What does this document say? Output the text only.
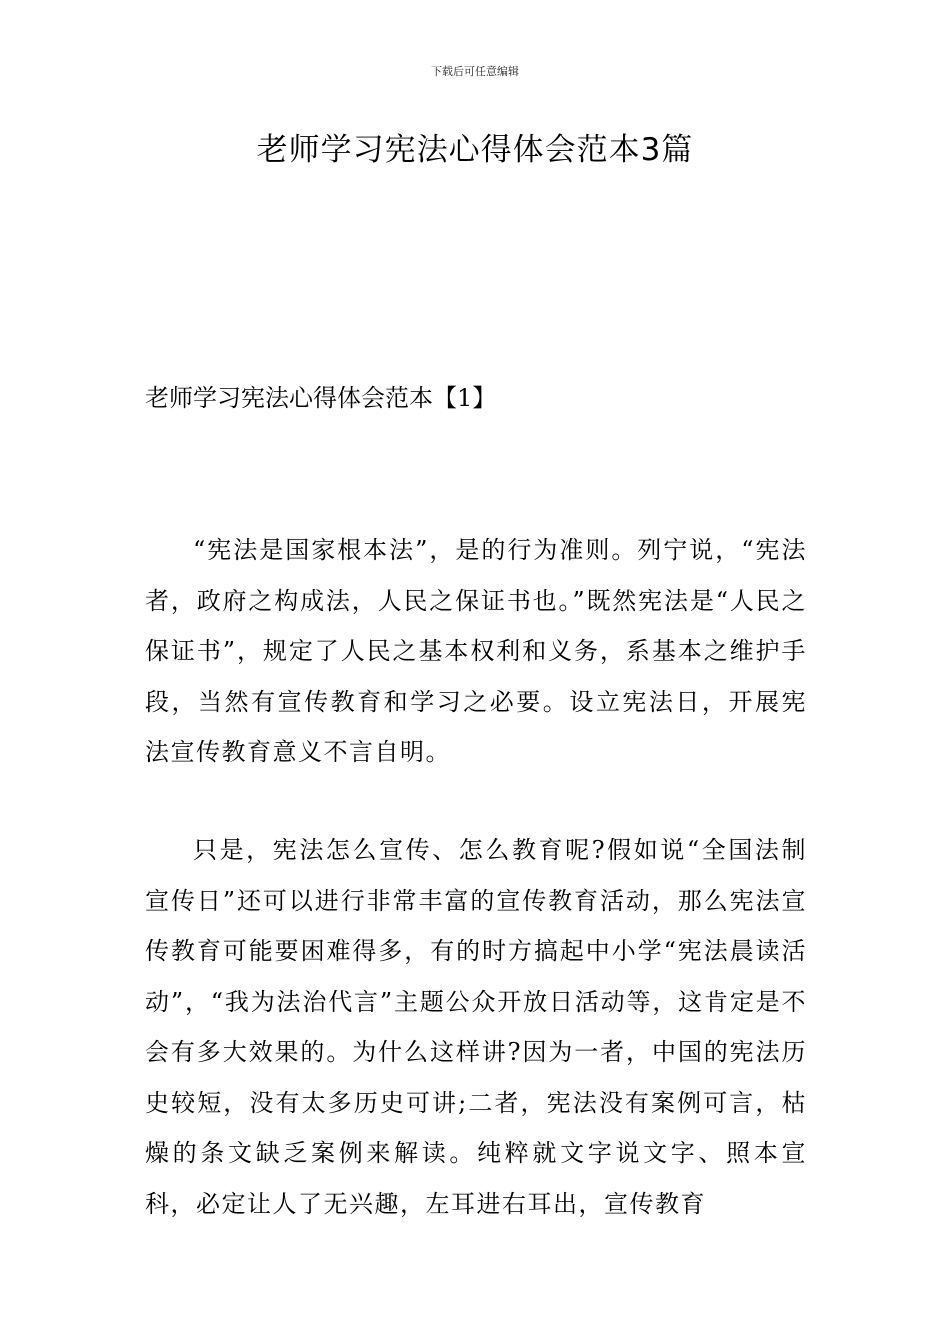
下载后可任意编辑
老师学习宪法心得体会范本3篇
老师学习宪法心得体会范本【1】

“宪法是国家根本法”，是的行为准则。列宁说，“宪法者，政府之构成法，人民之保证书也。”既然宪法是“人民之保证书”，规定了人民之基本权利和义务，系基本之维护手段，当然有宣传教育和学习之必要。设立宪法日，开展宪法宣传教育意义不言自明。

只是，宪法怎么宣传、怎么教育呢?假如说“全国法制宣传日”还可以进行非常丰富的宣传教育活动，那么宪法宣传教育可能要困难得多，有的时方搞起中小学“宪法晨读活动”，“我为法治代言”主题公众开放日活动等，这肯定是不会有多大效果的。为什么这样讲?因为一者，中国的宪法历史较短，没有太多历史可讲;二者，宪法没有案例可言，枯燥的条文缺乏案例来解读。纯粹就文字说文字、照本宣科，必定让人了无兴趣，左耳进右耳出，宣传教育
